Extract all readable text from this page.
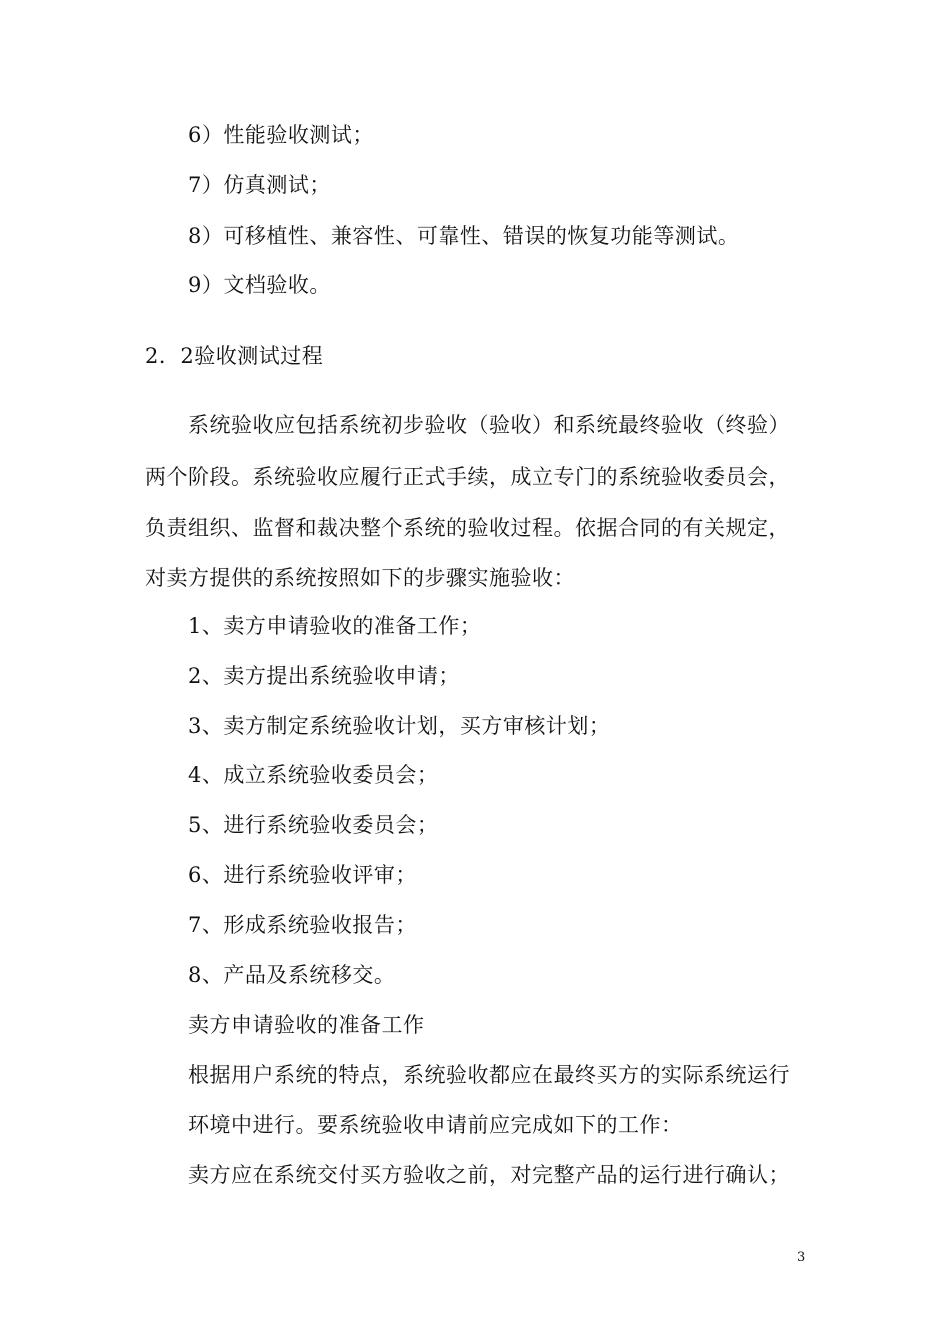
6）性能验收测试；
7）仿真测试；
8）可移植性、兼容性、可靠性、错误的恢复功能等测试。
9）文档验收。
2．2验收测试过程
系统验收应包括系统初步验收（验收）和系统最终验收（终验）
两个阶段。系统验收应履行正式手续，成立专门的系统验收委员会，
负责组织、监督和裁决整个系统的验收过程。依据合同的有关规定，
对卖方提供的系统按照如下的步骤实施验收：
1、卖方申请验收的准备工作；
2、卖方提出系统验收申请；
3、卖方制定系统验收计划，买方审核计划；
4、成立系统验收委员会；
5、进行系统验收委员会；
6、进行系统验收评审；
7、形成系统验收报告；
8、产品及系统移交。
卖方申请验收的准备工作
根据用户系统的特点，系统验收都应在最终买方的实际系统运行
环境中进行。要系统验收申请前应完成如下的工作：
卖方应在系统交付买方验收之前，对完整产品的运行进行确认；
3
